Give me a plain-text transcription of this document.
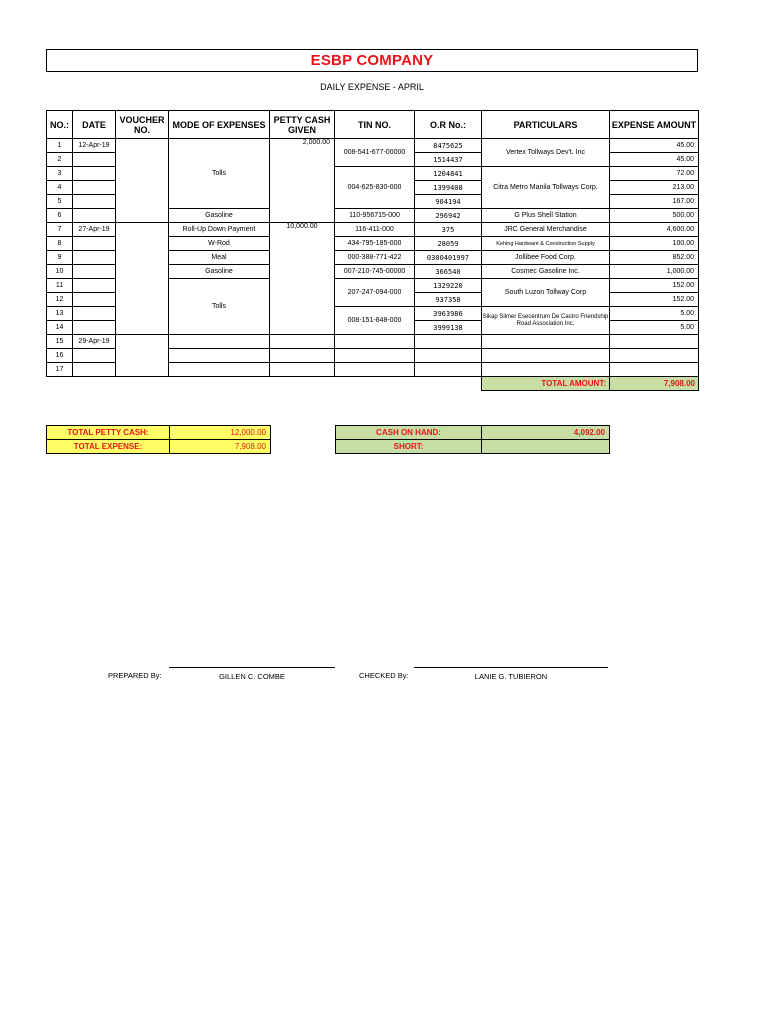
ESBP COMPANY
DAILY EXPENSE - APRIL
NO.:	DATE	VOUCHER NO.	MODE OF EXPENSES	PETTY CASH GIVEN	TIN NO.	O.R No.:	PARTICULARS	EXPENSE AMOUNT
1	12-Apr-19		Tolls	2,000.00	008-541-677-00000	8475625	Vertex Tollways Dev't. Inc	45.00
2						1514437		45.00
3					004-625-830-000	1204841	Citra Metro Manila Tollways Corp.	72.00
4						1399408		213.00
5						904194		167.00
6			Gasoline		110-956715-000	296942	G Plus Shell Station	500.00
7	27-Apr-19		Roll-Up Down Payment	10,000.00	116-411-000	375	JRC General Merchandise	4,600.00
8			W-Rod		434-795-185-000	28059	Kehing Hardware & Construction Supply	100.00
9			Meal		000-388-771-422	0300401997	Jollibee Food Corp.	852.00
10			Gasoline		007-210-745-00000	366540	Cosmec Gasoline Inc.	1,000.00
11			Tolls		207-247-094-000	1329220	South Luzon Tollway Corp	152.00
12						937358		152.00
13					008-151-848-000	3963986	Sikap Silmer Esecentrum De Castro Friendship Road Association Inc.	5.00
14						3999138		5.00
15	29-Apr-19							
16								
17								
							TOTAL AMOUNT:	7,908.00
TOTAL PETTY CASH:	12,000.00
TOTAL EXPENSE:	7,908.00
CASH ON HAND:	4,092.00
SHORT:	
PREPARED By:	GILLEN C. COMBE	CHECKED By:	LANIE G. TUBIERON
